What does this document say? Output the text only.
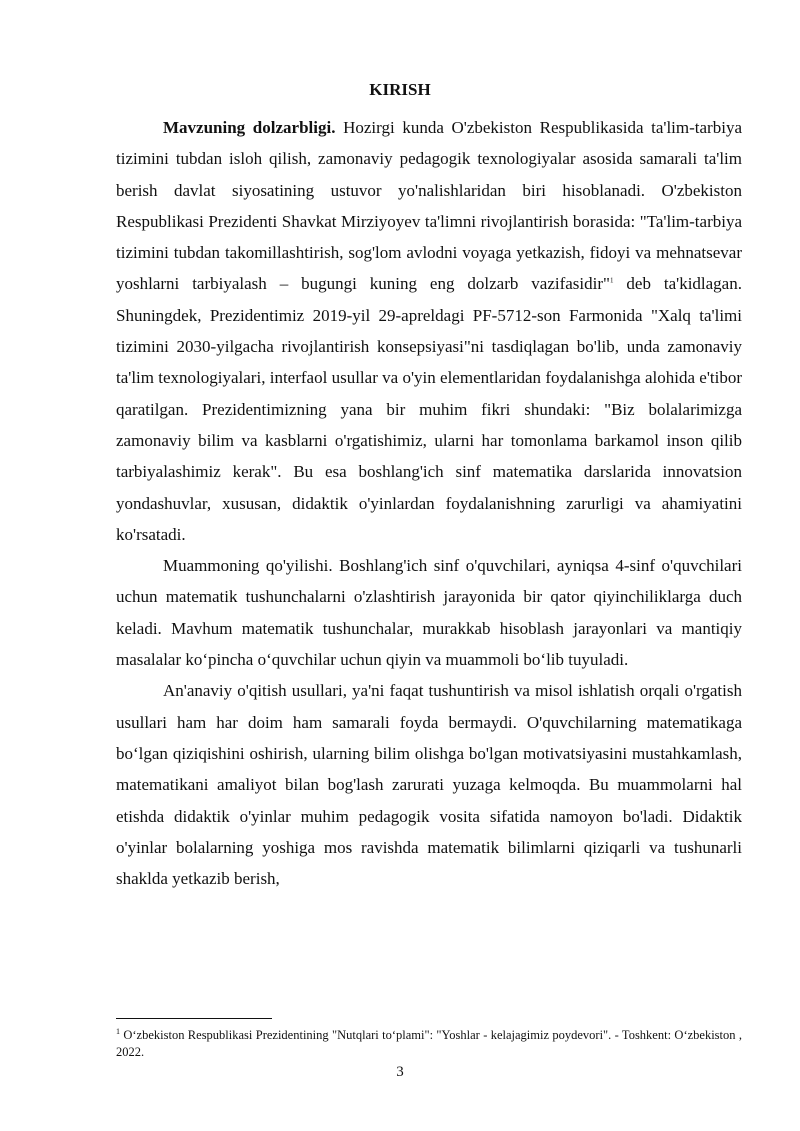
KIRISH

Mavzuning dolzarbligi. Hozirgi kunda O'zbekiston Respublikasida ta'lim-tarbiya tizimini tubdan isloh qilish, zamonaviy pedagogik texnologiyalar asosida samarali ta'lim berish davlat siyosatining ustuvor yo'nalishlaridan biri hisoblanadi. O'zbekiston Respublikasi Prezidenti Shavkat Mirziyoyev ta'limni rivojlantirish borasida: "Ta'lim-tarbiya tizimini tubdan takomillashtirish, sog'lom avlodni voyaga yetkazish, fidoyi va mehnatsevar yoshlarni tarbiyalash – bugungi kuning eng dolzarb vazifasidir"$^1$ deb ta'kidlagan. Shuningdek, Prezidentimiz 2019-yil 29-apreldagi PF-5712-son Farmonida "Xalq ta'limi tizimini 2030-yilgacha rivojlantirish konsepsiyasi"ni tasdiqlagan bo'lib, unda zamonaviy ta'lim texnologiyalari, interfaol usullar va o'yin elementlaridan foydalanishga alohida e'tibor qaratilgan. Prezidentimizning yana bir muhim fikri shundaki: "Biz bolalarimizga zamonaviy bilim va kasblarni o'rgatishimiz, ularni har tomonlama barkamol inson qilib tarbiyalashimiz kerak". Bu esa boshlang'ich sinf matematika darslarida innovatsion yondashuvlar, xususan, didaktik o'yinlardan foydalanishning zarurligi va ahamiyatini ko'rsatadi.

Muammoning qo'yilishi. Boshlang'ich sinf o'quvchilari, ayniqsa 4-sinf o'quvchilari uchun matematik tushunchalarni o'zlashtirish jarayonida bir qator qiyinchiliklarga duch keladi. Mavhum matematik tushunchalar, murakkab hisoblash jarayonlari va mantiqiy masalalar ko‘pincha o‘quvchilar uchun qiyin va muammoli bo‘lib tuyuladi.

An'anaviy o'qitish usullari, ya'ni faqat tushuntirish va misol ishlatish orqali o'rgatish usullari ham har doim ham samarali foyda bermaydi. O'quvchilarning matematikaga bo‘lgan qiziqishini oshirish, ularning bilim olishga bo'lgan motivatsiyasini mustahkamlash, matematikani amaliyot bilan bog'lash zarurati yuzaga kelmoqda. Bu muammolarni hal etishda didaktik o'yinlar muhim pedagogik vosita sifatida namoyon bo'ladi. Didaktik o'yinlar bolalarning yoshiga mos ravishda matematik bilimlarni qiziqarli va tushunarli shaklda yetkazib berish,

$^1$ O‘zbekiston Respublikasi Prezidentining "Nutqlari to‘plami": "Yoshlar - kelajagimiz poydevori". - Toshkent: O‘zbekiston , 2022.
3
